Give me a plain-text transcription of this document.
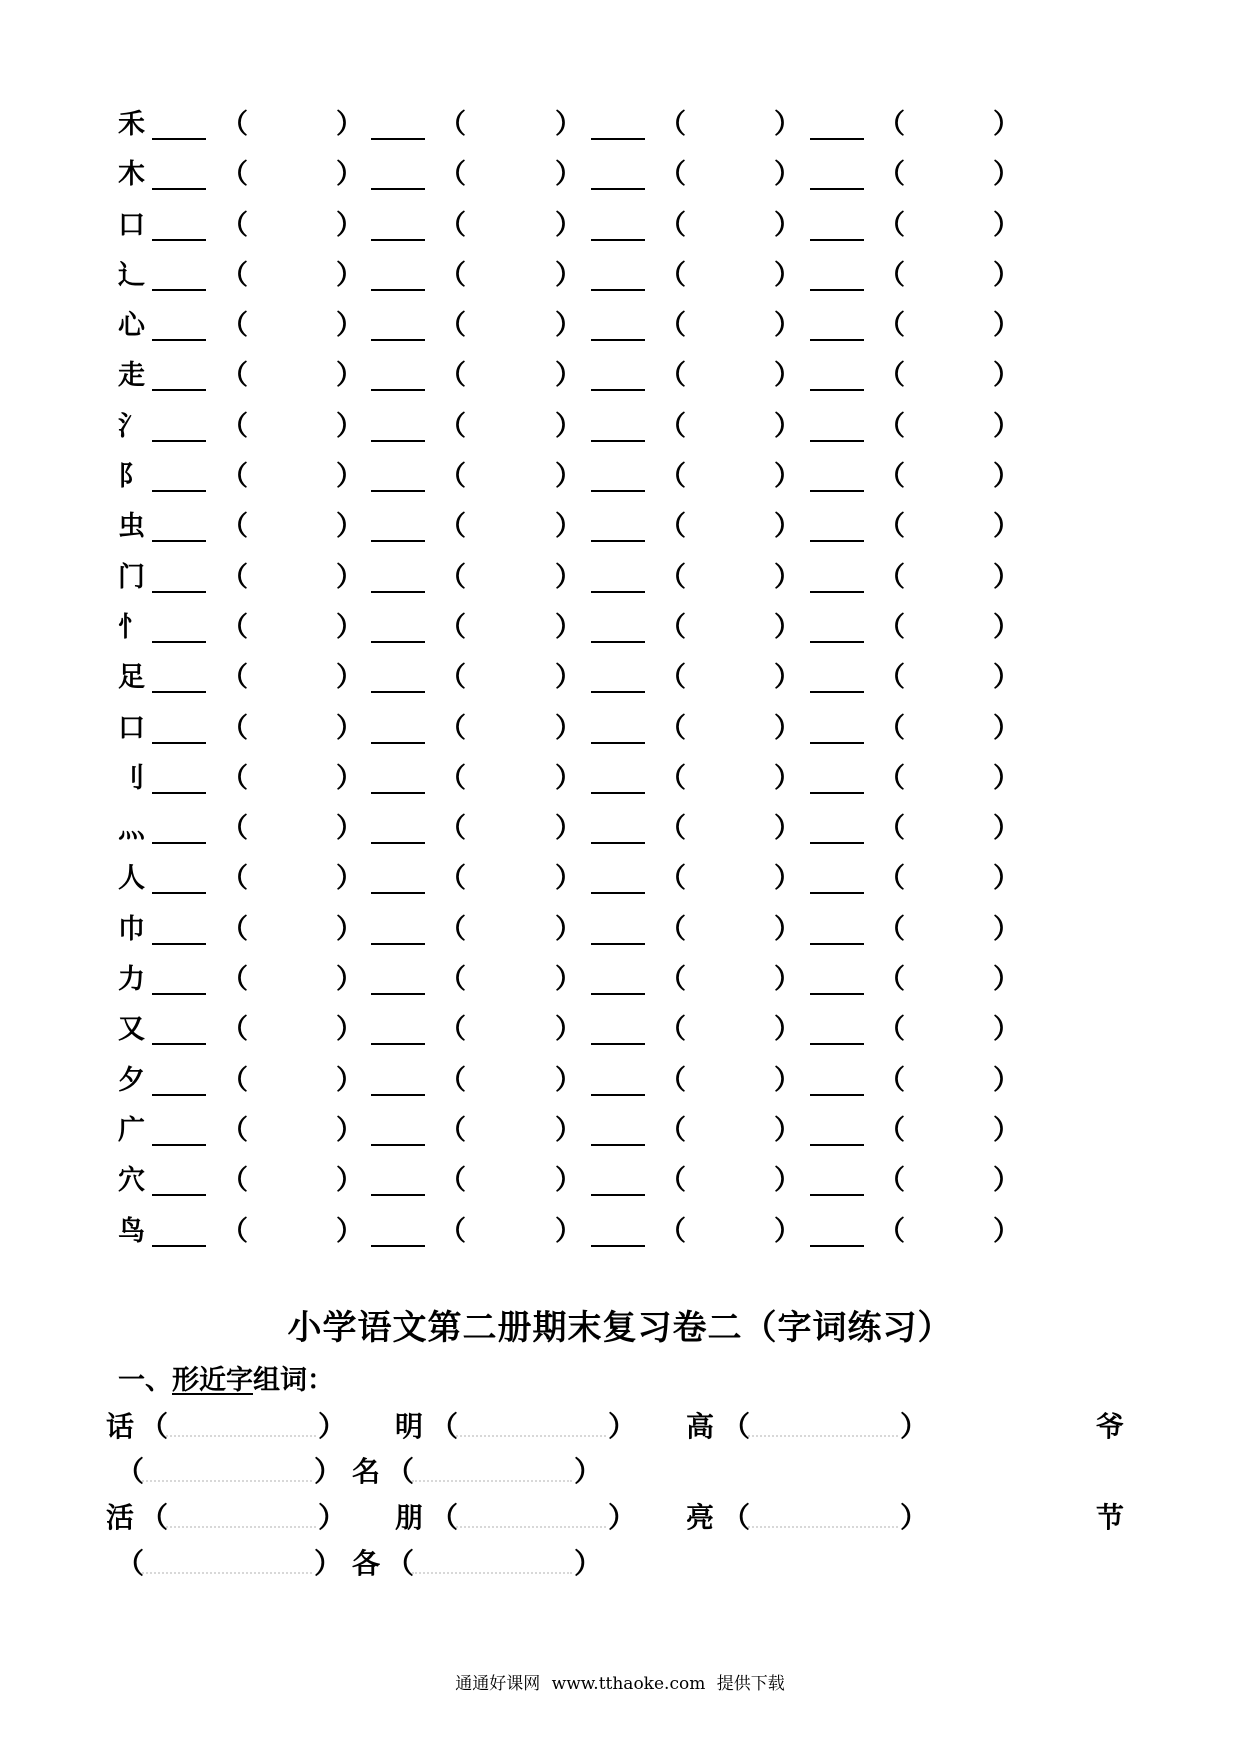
禾	（	）	（	）	（	）	（	）
木	（	）	（	）	（	）	（	）
口	（	）	（	）	（	）	（	）
辶	（	）	（	）	（	）	（	）
心	（	）	（	）	（	）	（	）
走	（	）	（	）	（	）	（	）
氵	（	）	（	）	（	）	（	）
阝	（	）	（	）	（	）	（	）
虫	（	）	（	）	（	）	（	）
门	（	）	（	）	（	）	（	）
忄	（	）	（	）	（	）	（	）
足	（	）	（	）	（	）	（	）
口	（	）	（	）	（	）	（	）
刂	（	）	（	）	（	）	（	）
灬	（	）	（	）	（	）	（	）
人	（	）	（	）	（	）	（	）
巾	（	）	（	）	（	）	（	）
力	（	）	（	）	（	）	（	）
又	（	）	（	）	（	）	（	）
夕	（	）	（	）	（	）	（	）
广	（	）	（	）	（	）	（	）
穴	（	）	（	）	（	）	（	）
鸟	（	）	（	）	（	）	（	）
小学语文第二册期末复习卷二（字词练习）
一、形近字组词：
话 （	） 明 （	） 高 （	）	爷
（	） 名 （	）
活 （	） 朋 （	） 亮 （	）	节
（	） 各 （	）
通通好课网 www.tthaoke.com 提供下载
